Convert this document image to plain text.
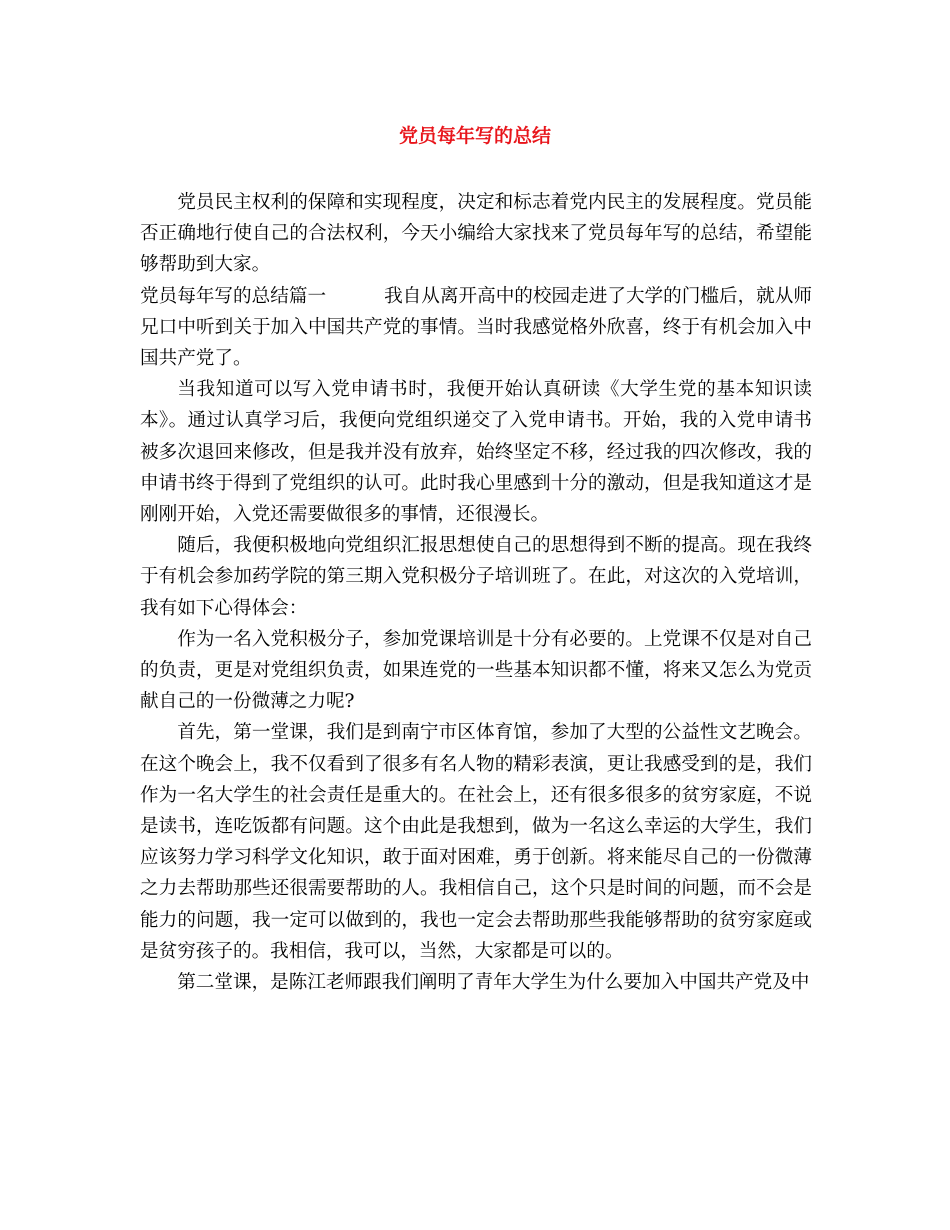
党员每年写的总结

党员民主权利的保障和实现程度，决定和标志着党内民主的发展程度。党员能否正确地行使自己的合法权利，今天小编给大家找来了党员每年写的总结，希望能够帮助到大家。

党员每年写的总结篇一	我自从离开高中的校园走进了大学的门槛后，就从师兄口中听到关于加入中国共产党的事情。当时我感觉格外欣喜，终于有机会加入中国共产党了。

当我知道可以写入党申请书时，我便开始认真研读《大学生党的基本知识读本》。通过认真学习后，我便向党组织递交了入党申请书。开始，我的入党申请书被多次退回来修改，但是我并没有放弃，始终坚定不移，经过我的四次修改，我的申请书终于得到了党组织的认可。此时我心里感到十分的激动，但是我知道这才是刚刚开始，入党还需要做很多的事情，还很漫长。

随后，我便积极地向党组织汇报思想使自己的思想得到不断的提高。现在我终于有机会参加药学院的第三期入党积极分子培训班了。在此，对这次的入党培训，我有如下心得体会：

作为一名入党积极分子，参加党课培训是十分有必要的。上党课不仅是对自己的负责，更是对党组织负责，如果连党的一些基本知识都不懂，将来又怎么为党贡献自己的一份微薄之力呢?

首先，第一堂课，我们是到南宁市区体育馆，参加了大型的公益性文艺晚会。在这个晚会上，我不仅看到了很多有名人物的精彩表演，更让我感受到的是，我们作为一名大学生的社会责任是重大的。在社会上，还有很多很多的贫穷家庭，不说是读书，连吃饭都有问题。这个由此是我想到，做为一名这么幸运的大学生，我们应该努力学习科学文化知识，敢于面对困难，勇于创新。将来能尽自己的一份微薄之力去帮助那些还很需要帮助的人。我相信自己，这个只是时间的问题，而不会是能力的问题，我一定可以做到的，我也一定会去帮助那些我能够帮助的贫穷家庭或是贫穷孩子的。我相信，我可以，当然，大家都是可以的。

第二堂课，是陈江老师跟我们阐明了青年大学生为什么要加入中国共产党及中
